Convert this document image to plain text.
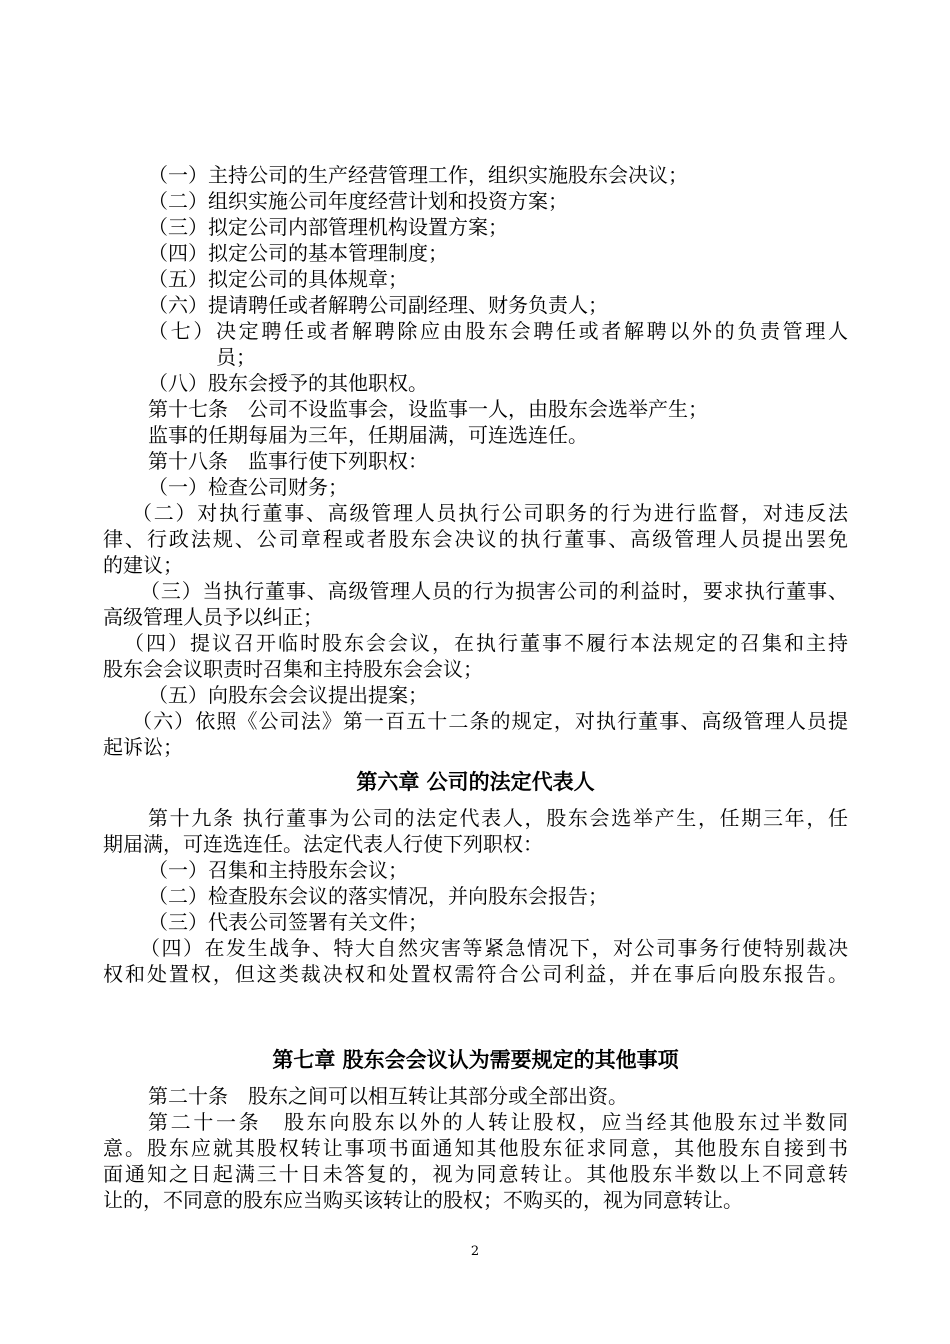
（一）主持公司的生产经营管理工作，组织实施股东会决议；
（二）组织实施公司年度经营计划和投资方案；
（三）拟定公司内部管理机构设置方案；
（四）拟定公司的基本管理制度；
（五）拟定公司的具体规章；
（六）提请聘任或者解聘公司副经理、财务负责人；
（七）决定聘任或者解聘除应由股东会聘任或者解聘以外的负责管理人
员；
（八）股东会授予的其他职权。
第十七条　公司不设监事会，设监事一人，由股东会选举产生；
监事的任期每届为三年，任期届满，可连选连任。
第十八条　监事行使下列职权：
（一）检查公司财务；
（二）对执行董事、高级管理人员执行公司职务的行为进行监督，对违反法
律、行政法规、公司章程或者股东会决议的执行董事、高级管理人员提出罢免
的建议；
（三）当执行董事、高级管理人员的行为损害公司的利益时，要求执行董事、
高级管理人员予以纠正；
（四）提议召开临时股东会会议，在执行董事不履行本法规定的召集和主持
股东会会议职责时召集和主持股东会会议；
（五）向股东会会议提出提案；
（六）依照《公司法》第一百五十二条的规定，对执行董事、高级管理人员提
起诉讼；
第六章 公司的法定代表人
第十九条 执行董事为公司的法定代表人，股东会选举产生，任期三年，任
期届满，可连选连任。法定代表人行使下列职权：
（一）召集和主持股东会议；
（二）检查股东会议的落实情况，并向股东会报告；
（三）代表公司签署有关文件；
（四）在发生战争、特大自然灾害等紧急情况下，对公司事务行使特别裁决
权和处置权，但这类裁决权和处置权需符合公司利益，并在事后向股东报告。
第七章 股东会会议认为需要规定的其他事项
第二十条　股东之间可以相互转让其部分或全部出资。
第二十一条　股东向股东以外的人转让股权，应当经其他股东过半数同
意。股东应就其股权转让事项书面通知其他股东征求同意，其他股东自接到书
面通知之日起满三十日未答复的，视为同意转让。其他股东半数以上不同意转
让的，不同意的股东应当购买该转让的股权；不购买的，视为同意转让。
2
